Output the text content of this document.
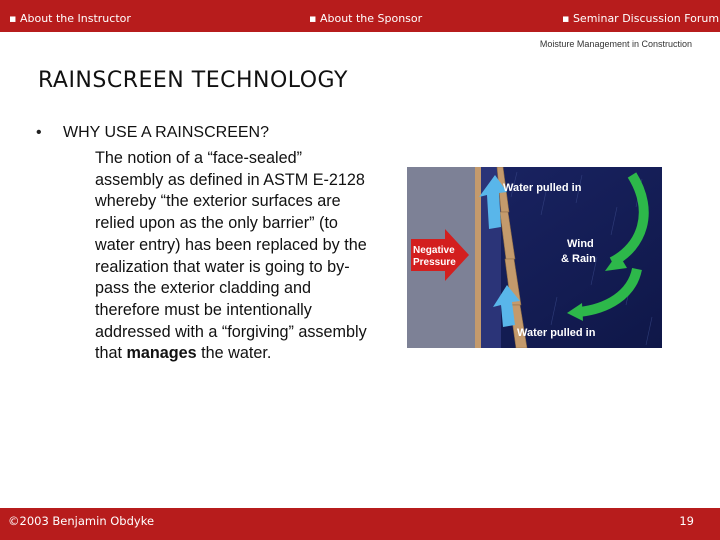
▪ About the Instructor	▪ About the Sponsor	▪ Seminar Discussion Forum
Moisture Management in Construction
RAINSCREEN TECHNOLOGY
• WHY USE A RAINSCREEN?
The notion of a “face-sealed” assembly as defined in ASTM E-2128 whereby “the exterior surfaces are relied upon as the only barrier” (to water entry) has been replaced by the realization that water is going to by-pass the exterior cladding and therefore must be intentionally addressed with a “forgiving” assembly that manages the water.
Negative
Pressure
Water pulled in
Wind
& Rain
Water pulled in
©2003 Benjamin Obdyke	19
